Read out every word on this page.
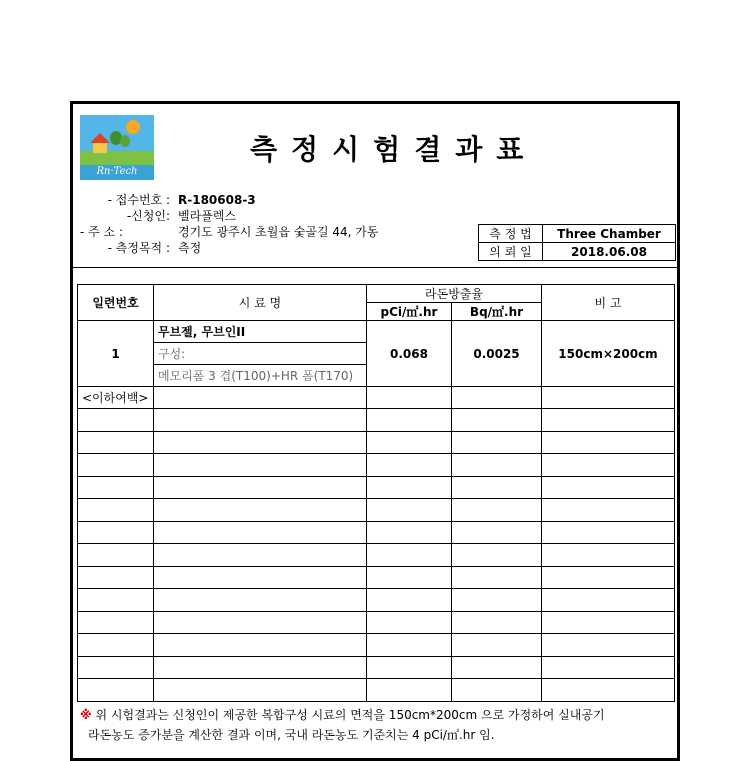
Rn·Tech
측정시험결과표
- 접수번호 : R-180608-3
-신청인: 벨라플렉스
- 주 소 :	경기도 광주시 초월읍 숯골길 44, 가동
- 측정목적 : 측정
측 정 법	Three Chamber
의 뢰 일	2018.06.08
일련번호	시 료 명	라돈방출율		비 고
		pCi/㎡.hr	Bq/㎡.hr	
1	무브젤, 무브인II	0.068	0.0025	150cm×200cm
	구성:			
	메모리폼 3 겹(T100)+HR 폼(T170)			
<이하여백>				

※ 위 시험결과는 신청인이 제공한 복합구성 시료의 면적을 150cm*200cm 으로 가정하여 실내공기
라돈농도 증가분을 계산한 결과 이며, 국내 라돈농도 기준치는 4 pCi/㎡.hr 임.
